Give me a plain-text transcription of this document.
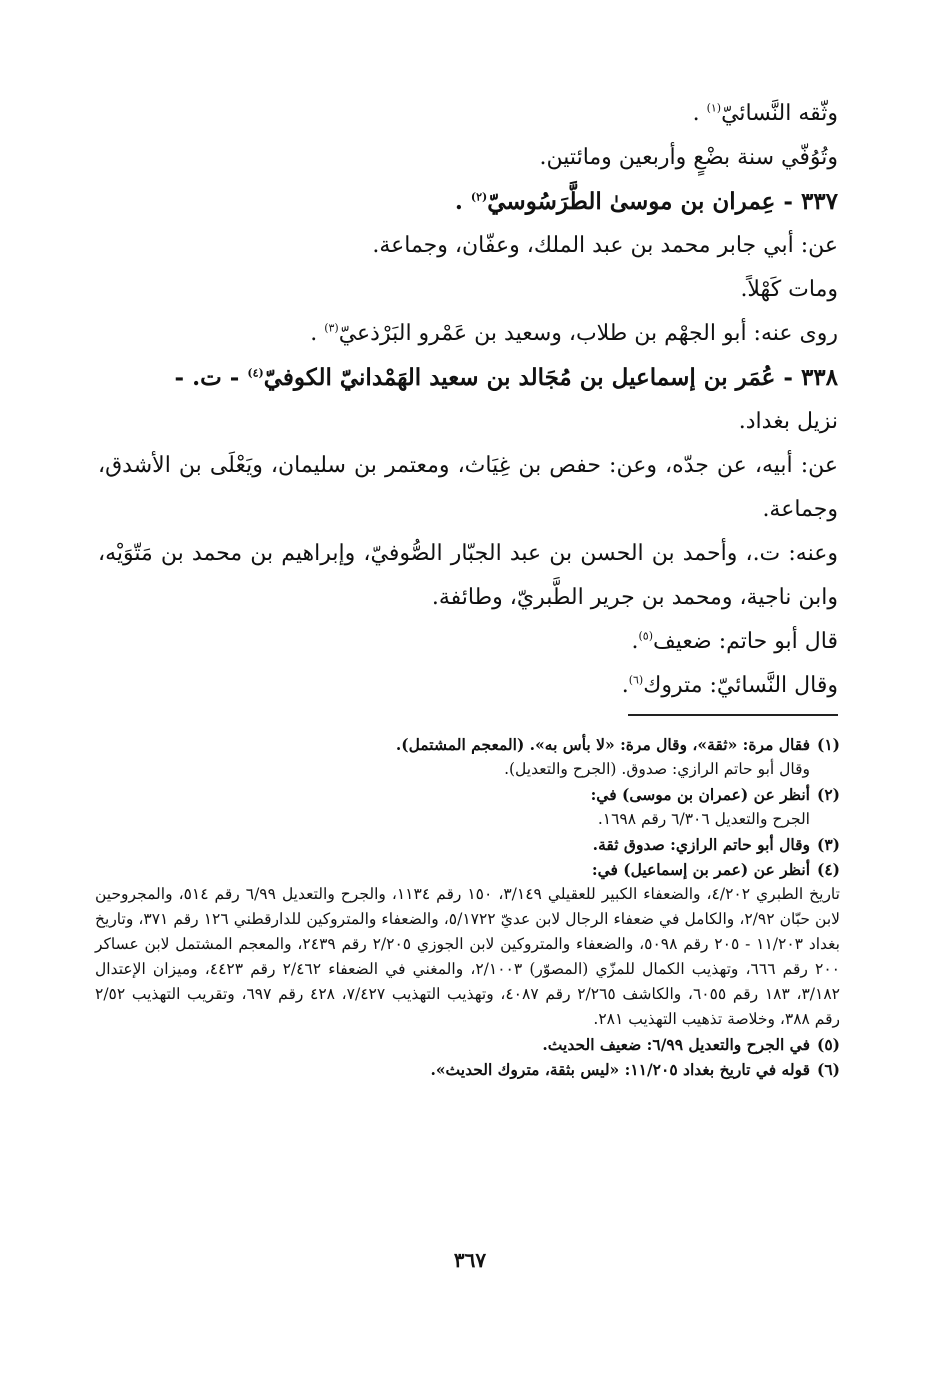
وثّقه النَّسائيّ$^{(١)}$ .

وتُوُفّي سنة بضْعٍ وأربعين ومائتين.

٣٣٧ - عِمران بن موسىٰ الطَّرَسُوسيّ$^{(٢)}$ .

عن: أبي جابر محمد بن عبد الملك، وعفّان، وجماعة.

ومات كَهْلاً.

روى عنه: أبو الجهْم بن طلاب، وسعيد بن عَمْرو البَرْذعيّ$^{(٣)}$ .

٣٣٨ - عُمَر بن إسماعيل بن مُجَالد بن سعيد الهَمْدانيّ الكوفيّ$^{(٤)}$ - ت. -

نزيل بغداد.

عن: أبيه، عن جدّه، وعن: حفص بن غِيَاث، ومعتمر بن سليمان، ويَعْلَى بن الأشدق، وجماعة.

وعنه: ت.، وأحمد بن الحسن بن عبد الجبّار الصُّوفيّ، وإبراهيم بن محمد بن مَتّوَيْه، وابن ناجية، ومحمد بن جرير الطَّبريّ، وطائفة.

قال أبو حاتم: ضعيف$^{(٥)}$.

وقال النَّسائيّ: متروك$^{(٦)}$.

(١)
فقال مرة: «ثقة»، وقال مرة: «لا بأس به». (المعجم المشتمل).

وقال أبو حاتم الرازي: صدوق. (الجرح والتعديل).

(٢)
أنظر عن (عمران بن موسى) في:

الجرح والتعديل ٦/٣٠٦ رقم ١٦٩٨.

(٣)
وقال أبو حاتم الرازي: صدوق ثقة.
(٤)
أنظر عن (عمر بن إسماعيل) في:

تاريخ الطبري ٤/٢٠٢، والضعفاء الكبير للعقيلي ٣/١٤٩، ١٥٠ رقم ١١٣٤، والجرح والتعديل ٦/٩٩ رقم ٥١٤، والمجروحين لابن حبّان ٢/٩٢، والكامل في ضعفاء الرجال لابن عديّ ٥/١٧٢٢، والضعفاء والمتروكين للدارقطني ١٢٦ رقم ٣٧١، وتاريخ بغداد ١١/٢٠٣ - ٢٠٥ رقم ٥٠٩٨، والضعفاء والمتروكين لابن الجوزي ٢/٢٠٥ رقم ٢٤٣٩، والمعجم المشتمل لابن عساكر ٢٠٠ رقم ٦٦٦، وتهذيب الكمال للمزّي (المصوّر) ٢/١٠٠٣، والمغني في الضعفاء ٢/٤٦٢ رقم ٤٤٢٣، وميزان الإعتدال ٣/١٨٢، ١٨٣ رقم ٦٠٥٥، والكاشف ٢/٢٦٥ رقم ٤٠٨٧، وتهذيب التهذيب ٧/٤٢٧، ٤٢٨ رقم ٦٩٧، وتقريب التهذيب ٢/٥٢ رقم ٣٨٨، وخلاصة تذهيب التهذيب ٢٨١.

(٥)
في الجرح والتعديل ٦/٩٩: ضعيف الحديث.
(٦)
قوله في تاريخ بغداد ١١/٢٠٥: «ليس بثقة، متروك الحديث».
٣٦٧
